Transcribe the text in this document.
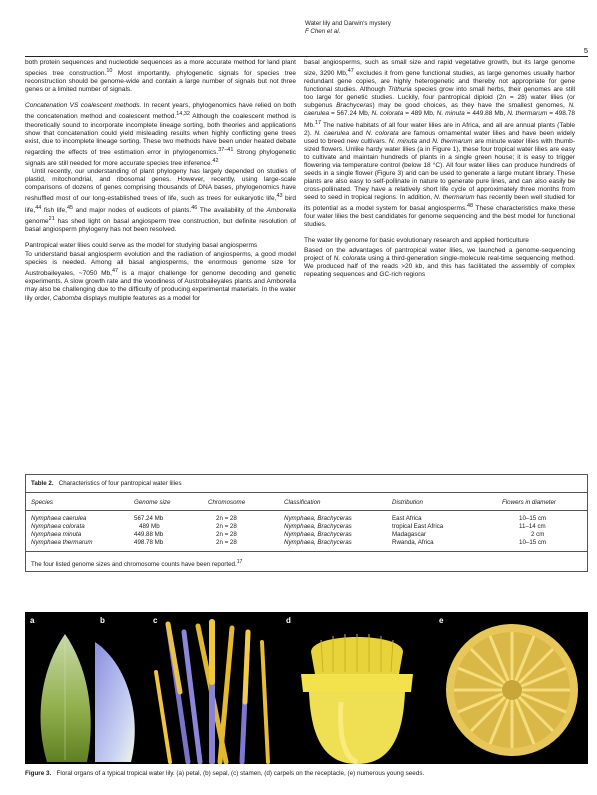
Water lily and Darwin's mystery
F Chen et al.
5

both protein sequences and nucleotide sequences as a more accurate method for land plant species tree construction.$^{10}$ Most importantly, phylogenetic signals for species tree reconstruction should be genome-wide and contain a large number of signals but not three genes or a limited number of signals.

Concatenation VS coalescent methods. In recent years, phylogenomics have relied on both the concatenation method and coalescent method.$^{14,32}$ Although the coalescent method is theoretically sound to incorporate incomplete lineage sorting, both theories and applications show that concatenation could yield misleading results when highly conflicting gene trees exist, due to incomplete lineage sorting. These two methods have been under heated debate regarding the effects of tree estimation error in phylogenomics.$^{37-41}$ Strong phylogenetic signals are still needed for more accurate species tree inference.$^{42}$

Until recently, our understanding of plant phylogeny has largely depended on studies of plastid, mitochondrial, and ribosomal genes. However, recently, using large-scale comparisons of dozens of genes comprising thousands of DNA bases, phylogenomics have reshuffled most of our long-established trees of life, such as trees for eukaryotic life,$^{43}$ bird life,$^{44}$ fish life,$^{45}$ and major nodes of eudicots of plants.$^{46}$ The availability of the Amborella genome$^{21}$ has shed light on basal angiosperm tree construction, but definite resolution of basal angiosperm phylogeny has not been resolved.

Pantropical water lilies could serve as the model for studying basal angiosperms

To understand basal angiosperm evolution and the radiation of angiosperms, a good model species is needed. Among all basal angiosperms, the enormous genome size for Austrobaileyales, ~7050 Mb,$^{47}$ is a major challenge for genome decoding and genetic experiments. A slow growth rate and the woodiness of Austrobaileyales plants and Amborella may also be challenging due to the difficulty of producing experimental materials. In the water lily order, Cabomba displays multiple features as a model for

basal angiosperms, such as small size and rapid vegetative growth, but its large genome size, 3290 Mb,$^{47}$ excludes it from gene functional studies, as large genomes usually harbor redundant gene copies, are highly heterogenetic and thereby not appropriate for gene functional studies. Although Trithuria species grow into small herbs, their genomes are still too large for genetic studies. Luckily, four pantropical diploid (2n = 28) water lilies (or subgenus Brachyceras) may be good choices, as they have the smallest genomes, N. caerulea = 567.24 Mb, N. colorata = 489 Mb, N. minuta = 449.88 Mb, N. thermarum = 498.78 Mb.$^{17}$ The native habitats of all four water lilies are in Africa, and all are annual plants (Table 2). N. caerulea and N. colorata are famous ornamental water lilies and have been widely used to breed new cultivars. N. minuta and N. thermarum are minute water lilies with thumb-sized flowers. Unlike hardy water lilies (a in Figure 1), these four tropical water lilies are easy to cultivate and maintain hundreds of plants in a single green house; it is easy to trigger flowering via temperature control (below 18 °C). All four water lilies can produce hundreds of seeds in a single flower (Figure 3) and can be used to generate a large mutant library. These plants are also easy to self-pollinate in nature to generate pure lines, and can also easily be cross-pollinated. They have a relatively short life cycle of approximately three months from seed to seed in tropical regions. In addition, N. thermarum has recently been well studied for its potential as a model system for basal angiosperms.$^{48}$ These characteristics make these four water lilies the best candidates for genome sequencing and the best model for functional studies.

The water lily genome for basic evolutionary research and applied horticulture

Based on the advantages of pantropical water lilies, we launched a genome-sequencing project of N. colorata using a third-generation single-molecule real-time sequencing method. We produced half of the reads >20 kb, and this has facilitated the assembly of complex repeating sequences and GC-rich regions

Table 2. Characteristics of four pantropical water lilies
Species	Genome size	Chromosome	Classification	Distribution	Flowers in diameter
Nymphaea caerulea	567.24 Mb	2n = 28	Nymphaea, Brachyceras	East Africa	10–15 cm
Nymphaea colorata	489 Mb	2n = 28	Nymphaea, Brachyceras	tropical East Africa	11–14 cm
Nymphaea minuta	449.88 Mb	2n = 28	Nymphaea, Brachyceras	Madagascar	2 cm
Nymphaea thermarum	498.78 Mb	2n = 28	Nymphaea, Brachyceras	Rwanda, Africa	10–15 cm
The four listed genome sizes and chromosome counts have been reported.$^{17}$
a	b	c	d	e
Figure 3. Floral organs of a typical tropical water lily. (a) petal, (b) sepal, (c) stamen, (d) carpels on the receptacle, (e) numerous young seeds.
